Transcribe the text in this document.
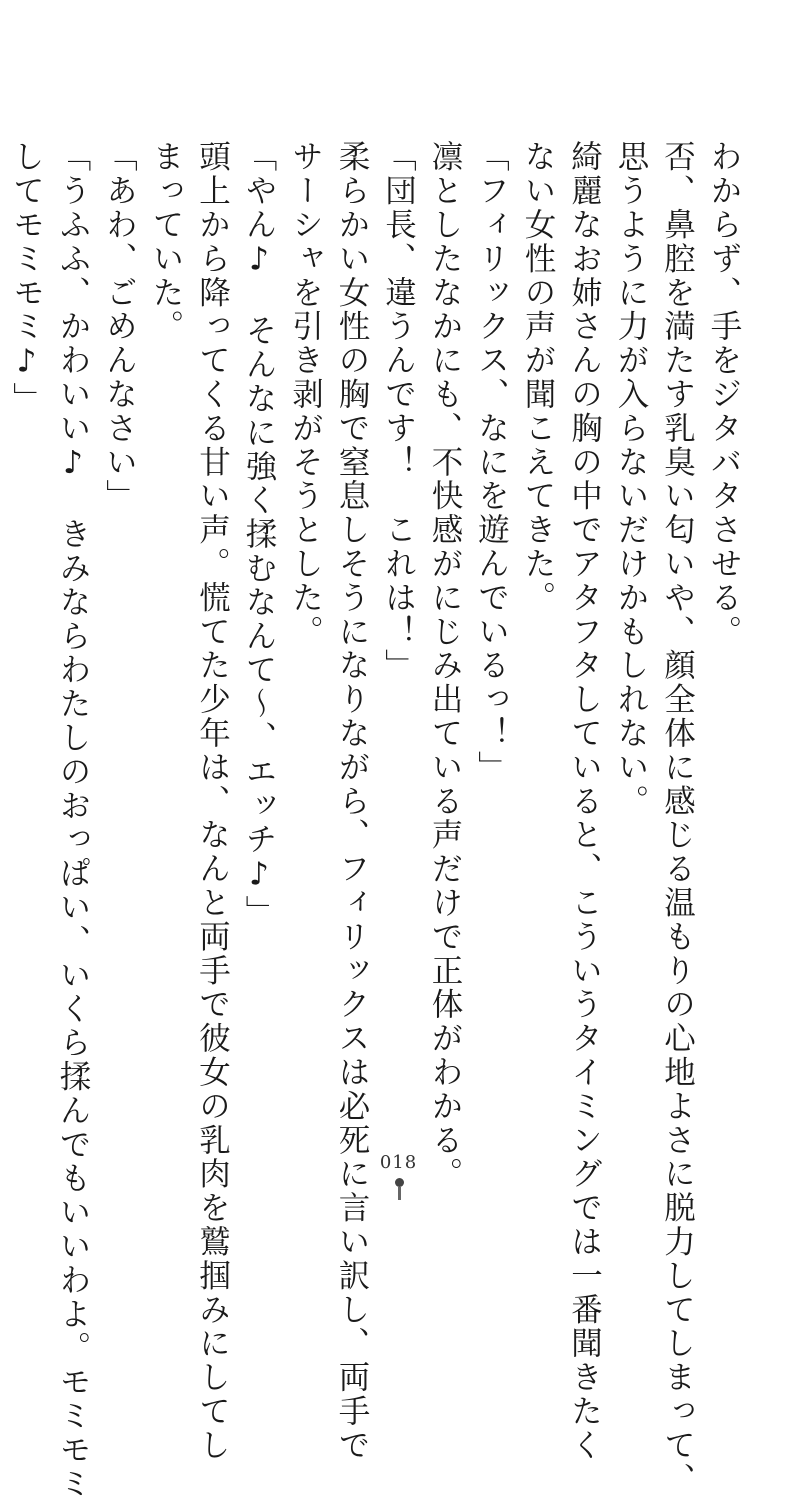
わからず、手をジタバタさせる。
否、鼻腔を満たす乳臭い匂いや、顔全体に感じる温もりの心地よさに脱力してしまって、
思うように力が入らないだけかもしれない。
綺麗なお姉さんの胸の中でアタフタしていると、こういうタイミングでは一番聞きたく
ない女性の声が聞こえてきた。
「フィリックス、なにを遊んでいるっ！」
凛としたなかにも、不快感がにじみ出ている声だけで正体がわかる。
「団長、違うんです！　これは！」
柔らかい女性の胸で窒息しそうになりながら、フィリックスは必死に言い訳し、両手で
サーシャを引き剥がそうとした。
「やん♪　そんなに強く揉むなんて～、エッチ♪」
頭上から降ってくる甘い声。慌てた少年は、なんと両手で彼女の乳肉を鷲掴みにしてし
まっていた。
「あわ、ごめんなさい」
「うふふ、かわいい♪　きみならわたしのおっぱい、いくら揉んでもいいわよ。モミモミ
してモミモミ♪」
018
